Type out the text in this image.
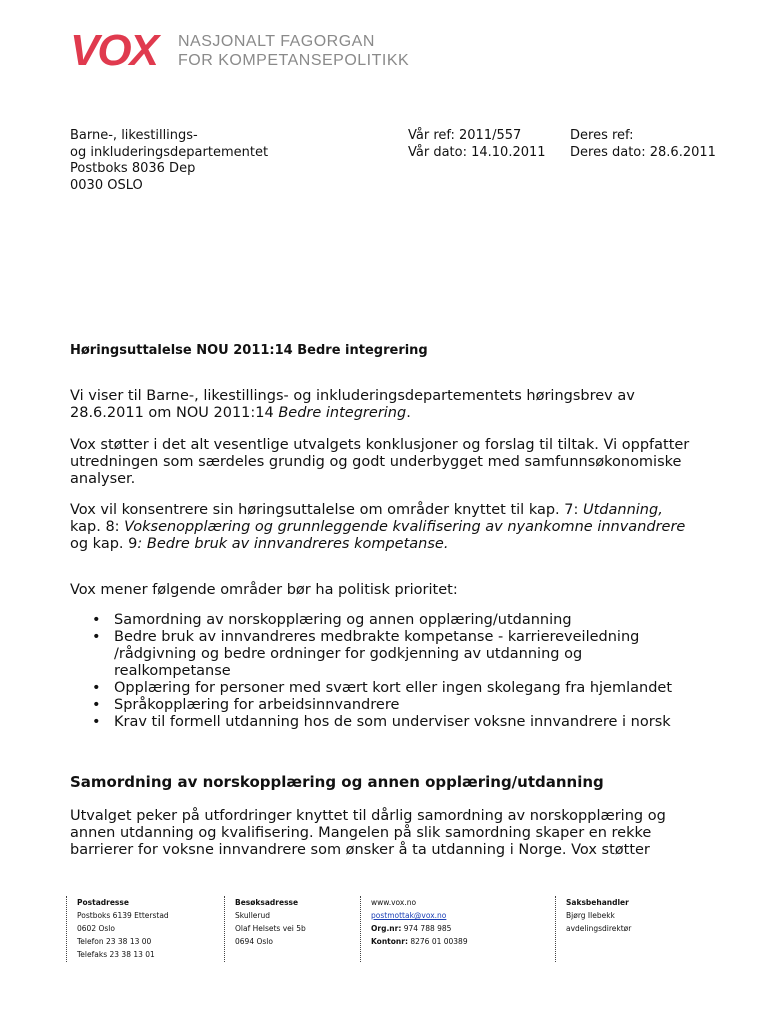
VOX NASJONALT FAGORGAN
FOR KOMPETANSEPOLITIKK
Barne-, likestillings-
og inkluderingsdepartementet
Postboks 8036 Dep
0030 OSLO
Vår ref: 2011/557
Vår dato: 14.10.2011
Deres ref:
Deres dato: 28.6.2011
Høringsuttalelse NOU 2011:14 Bedre integrering
Vi viser til Barne-, likestillings- og inkluderingsdepartementets høringsbrev av
28.6.2011 om NOU 2011:14 Bedre integrering.
Vox støtter i det alt vesentlige utvalgets konklusjoner og forslag til tiltak. Vi oppfatter
utredningen som særdeles grundig og godt underbygget med samfunnsøkonomiske
analyser.
Vox vil konsentrere sin høringsuttalelse om områder knyttet til kap. 7: Utdanning,
kap. 8: Voksenopplæring og grunnleggende kvalifisering av nyankomne innvandrere
og kap. 9: Bedre bruk av innvandreres kompetanse.
Vox mener følgende områder bør ha politisk prioritet:
• Samordning av norskopplæring og annen opplæring/utdanning
• Bedre bruk av innvandreres medbrakte kompetanse - karriereveiledning
/rådgivning og bedre ordninger for godkjenning av utdanning og
realkompetanse
• Opplæring for personer med svært kort eller ingen skolegang fra hjemlandet
• Språkopplæring for arbeidsinnvandrere
• Krav til formell utdanning hos de som underviser voksne innvandrere i norsk
Samordning av norskopplæring og annen opplæring/utdanning
Utvalget peker på utfordringer knyttet til dårlig samordning av norskopplæring og
annen utdanning og kvalifisering. Mangelen på slik samordning skaper en rekke
barrierer for voksne innvandrere som ønsker å ta utdanning i Norge. Vox støtter
Postadresse
Postboks 6139 Etterstad
0602 Oslo
Telefon 23 38 13 00
Telefaks 23 38 13 01
Besøksadresse
Skullerud
Olaf Helsets vei 5b
0694 Oslo
www.vox.no
postmottak@vox.no
Org.nr: 974 788 985
Kontonr: 8276 01 00389
Saksbehandler
Bjørg Ilebekk
avdelingsdirektør
